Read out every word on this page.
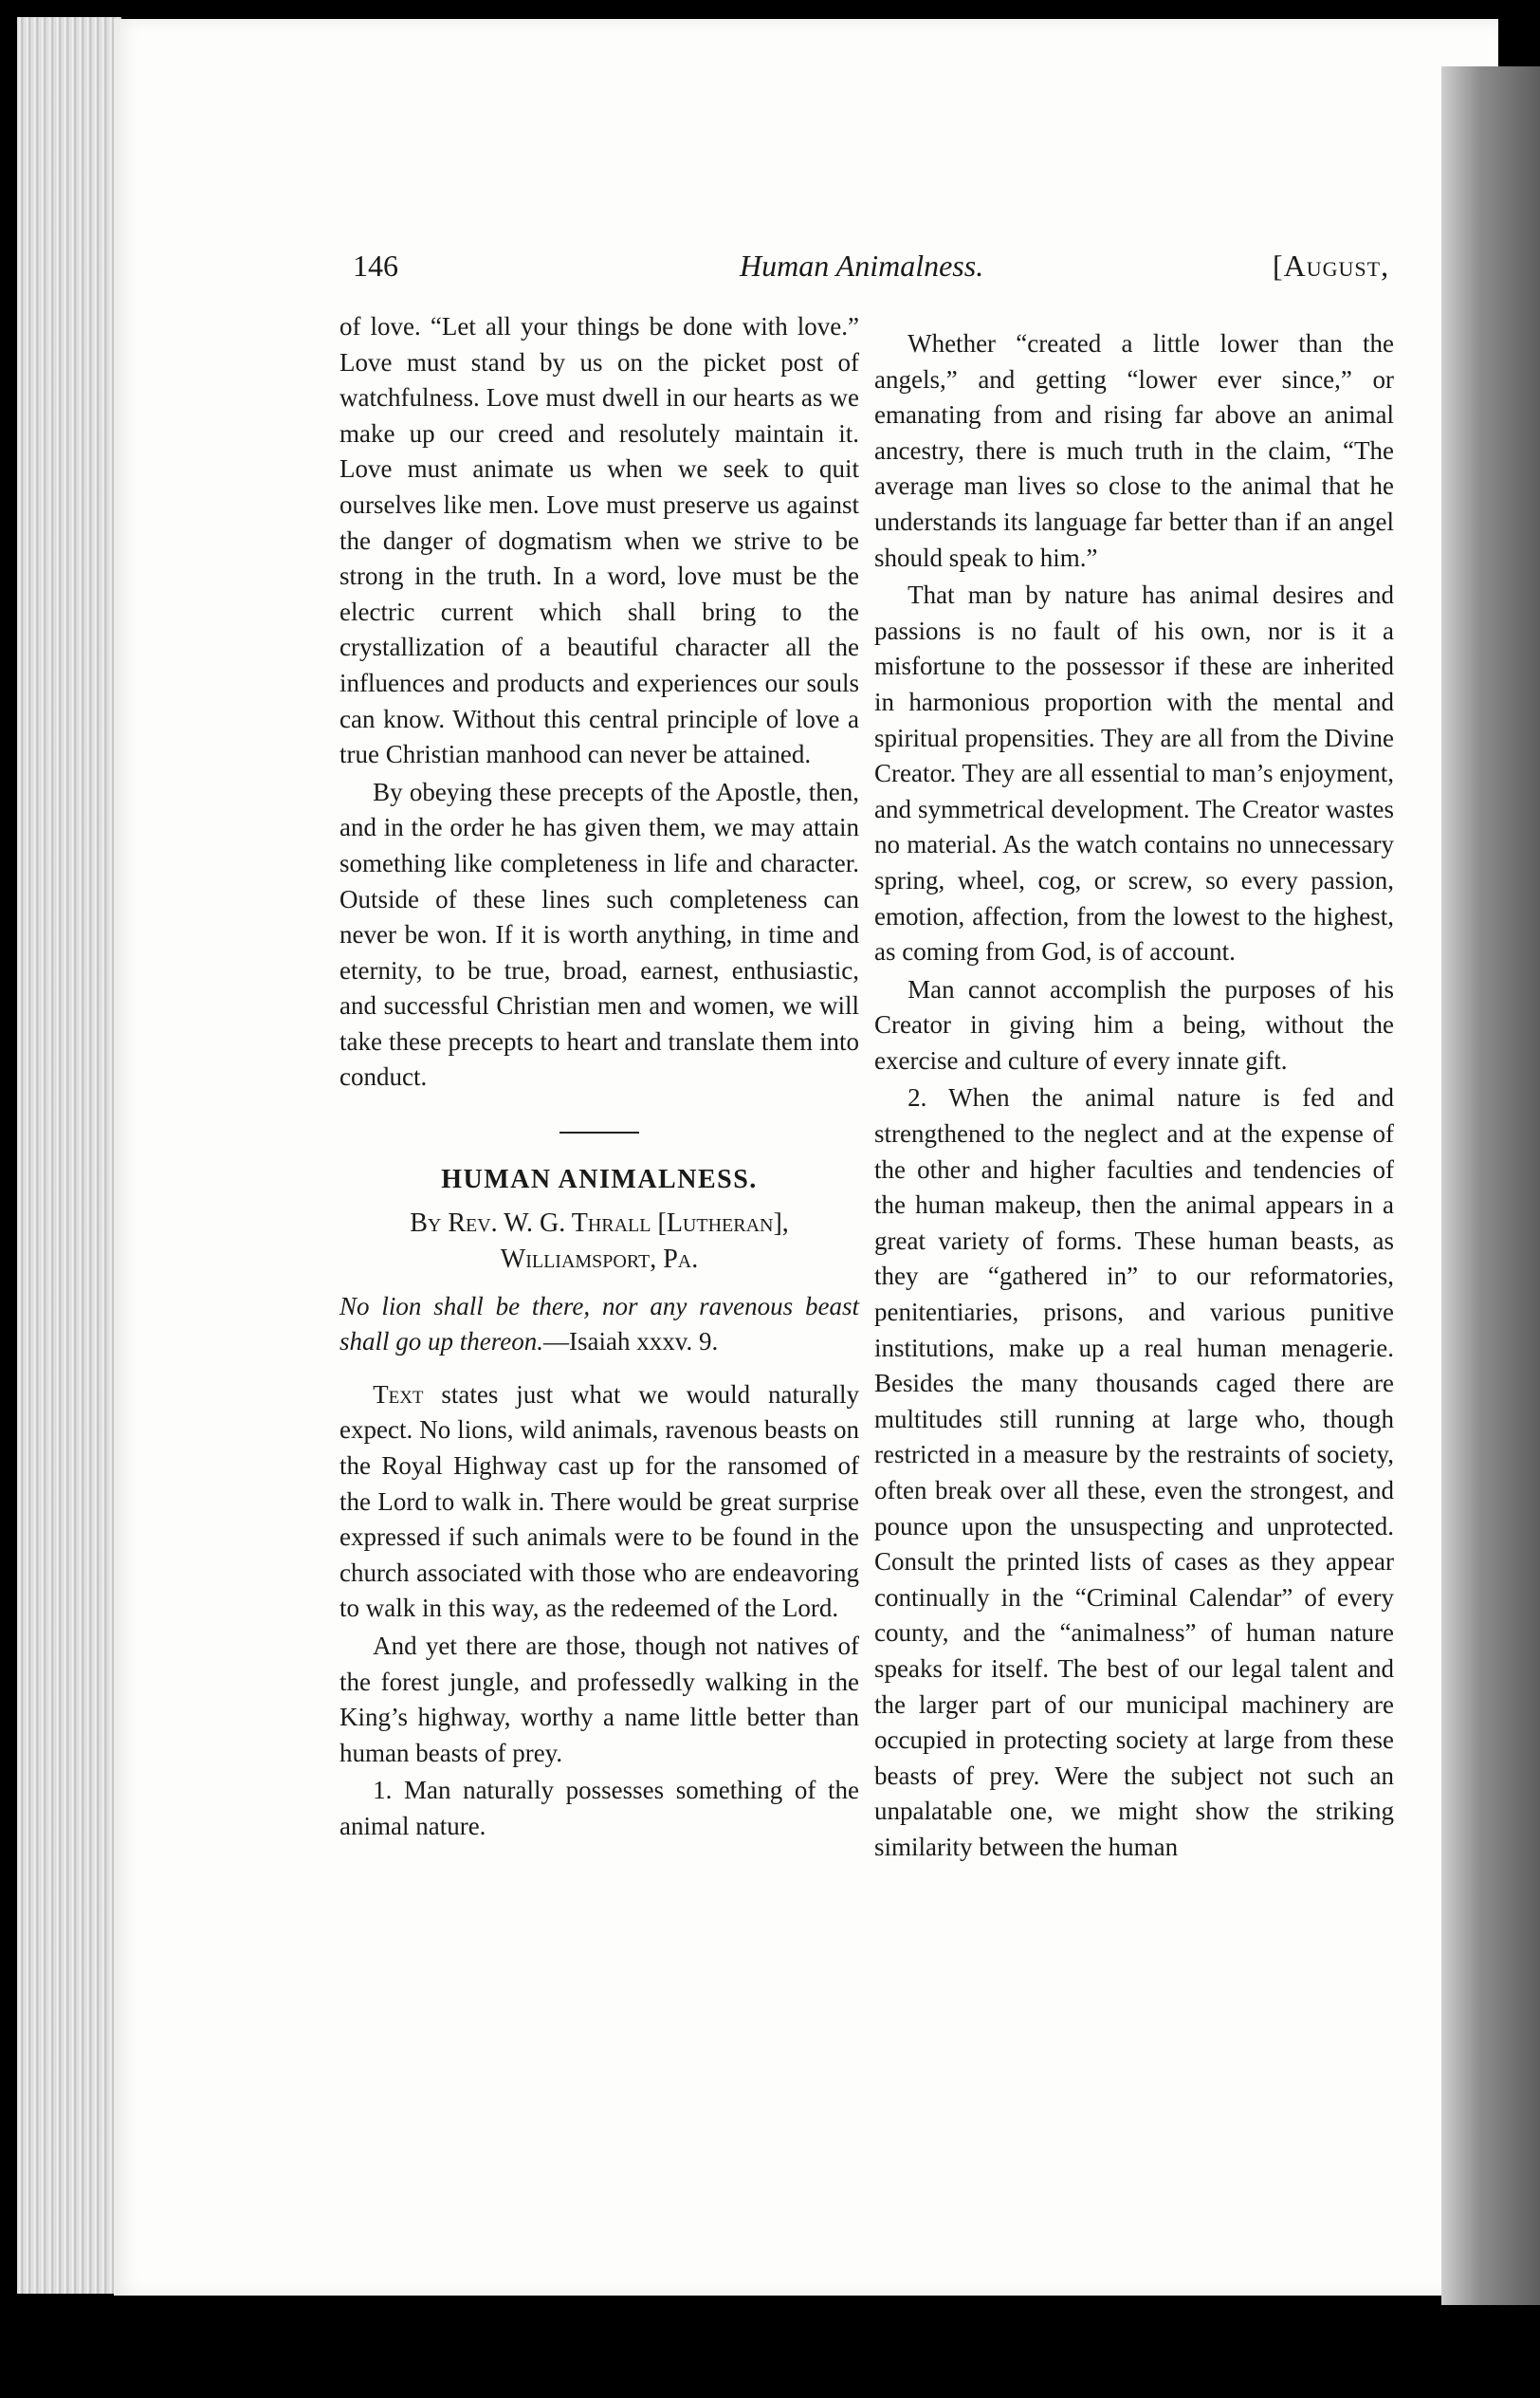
146	Human Animalness.	[August,

of love. “Let all your things be done with love.” Love must stand by us on the picket post of watchfulness. Love must dwell in our hearts as we make up our creed and resolutely maintain it. Love must animate us when we seek to quit ourselves like men. Love must preserve us against the danger of dogmatism when we strive to be strong in the truth. In a word, love must be the electric current which shall bring to the crystallization of a beautiful character all the influences and products and experiences our souls can know. Without this central principle of love a true Christian manhood can never be attained.

By obeying these precepts of the Apostle, then, and in the order he has given them, we may attain something like completeness in life and character. Outside of these lines such completeness can never be won. If it is worth anything, in time and eternity, to be true, broad, earnest, enthusiastic, and successful Christian men and women, we will take these precepts to heart and translate them into conduct.

HUMAN ANIMALNESS.
By Rev. W. G. Thrall [Lutheran],
Williamsport, Pa.

No lion shall be there, nor any ravenous beast shall go up thereon.—Isaiah xxxv. 9.

Text states just what we would naturally expect. No lions, wild animals, ravenous beasts on the Royal Highway cast up for the ransomed of the Lord to walk in. There would be great surprise expressed if such animals were to be found in the church associated with those who are endeavoring to walk in this way, as the redeemed of the Lord.

And yet there are those, though not natives of the forest jungle, and professedly walking in the King’s highway, worthy a name little better than human beasts of prey.

1. Man naturally possesses something of the animal nature.

Whether “created a little lower than the angels,” and getting “lower ever since,” or emanating from and rising far above an animal ancestry, there is much truth in the claim, “The average man lives so close to the animal that he understands its language far better than if an angel should speak to him.”

That man by nature has animal desires and passions is no fault of his own, nor is it a misfortune to the possessor if these are inherited in harmonious proportion with the mental and spiritual propensities. They are all from the Divine Creator. They are all essential to man’s enjoyment, and symmetrical development. The Creator wastes no material. As the watch contains no unnecessary spring, wheel, cog, or screw, so every passion, emotion, affection, from the lowest to the highest, as coming from God, is of account.

Man cannot accomplish the purposes of his Creator in giving him a being, without the exercise and culture of every innate gift.

2. When the animal nature is fed and strengthened to the neglect and at the expense of the other and higher faculties and tendencies of the human makeup, then the animal appears in a great variety of forms. These human beasts, as they are “gathered in” to our reformatories, penitentiaries, prisons, and various punitive institutions, make up a real human menagerie. Besides the many thousands caged there are multitudes still running at large who, though restricted in a measure by the restraints of society, often break over all these, even the strongest, and pounce upon the unsuspecting and unprotected. Consult the printed lists of cases as they appear continually in the “Criminal Calendar” of every county, and the “animalness” of human nature speaks for itself. The best of our legal talent and the larger part of our municipal machinery are occupied in protecting society at large from these beasts of prey. Were the subject not such an unpalatable one, we might show the striking similarity between the human
